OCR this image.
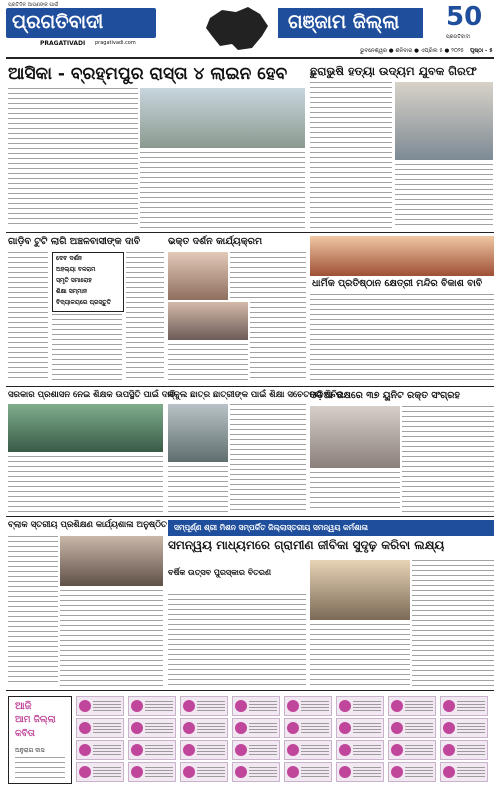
ପ୍ରତିଦିନ ଆପଣଙ୍କ ପାଇଁ
ପ୍ରଗତିବାଦୀ
PRAGATIVADI pragativadi.com
ଗଞ୍ଜାମ ଜିଲ୍ଲା 50
ପ୍ରଗତିବାଦୀ
ଭୁବନେଶ୍ୱର ● ଶନିବାର ● ଏପ୍ରିଲ ୫ ● ୨୦୨୫ ପୃଷ୍ଠା - ୫
ଆସିକା - ବ୍ରହ୍ମପୁର ରାସ୍ତା ୪ ଲାଇନ ହେବ	ଛୁରାଭୁଷି ହତ୍ୟା ଉଦ୍ୟମ ଯୁବକ ଗିରଫ
ଗାଡ଼ିବ ଟୁଟି ଲାଗି ଅଞ୍ଚଳବାସୀଙ୍କ ଦାବି
ଦେବ ଦର୍ଶନ
ଅହଲ୍ୟା ବଳରାମ
ସ୍ମୃତି ସମାରୋହ
ଶିକ୍ଷା ସମ୍ମାନ
ବିଦ୍ୟାଳୟରେ ପ୍ରସ୍ତୁତି
ଭକ୍ତ ଦର୍ଶନ କାର୍ଯ୍ୟକ୍ରମ
ଧାର୍ମିକ ପ୍ରତିଷ୍ଠାନ କ୍ଷେତ୍ରୀ ମନ୍ଦିର ବିକାଶ ବାବି
ସରକାର ପ୍ରଶାସନ ନେଇ ଶିକ୍ଷକ ଉପସ୍ଥିତି ପାଇଁ ଦାବି
ସ୍କୁଲ ଛାତ୍ର ଛାତ୍ରୀଙ୍କ ପାଇଁ ଶିକ୍ଷା ସଚେତନତା ଶିବିର
ଓଡ଼ିଆ ପକ୍ଷରେ ୩୭ ୟୁନିଟ ରକ୍ତ ସଂଗ୍ରହ
ବ୍ଲାକ ସ୍ତରୀୟ ପ୍ରଶିକ୍ଷଣ କାର୍ଯ୍ୟଶାଳା ଅନୁଷ୍ଠିତ
ବର୍ଷିକ ଉତ୍ସବ ପୁରସ୍କାର ବିତରଣ
ସମ୍ପୂର୍ଣ୍ଣ ଶ୍ରୀ ମିଶନ ସମ୍ପର୍କିତ ଜିଲ୍ଲାସ୍ତରୀୟ ସମନ୍ୱୟ କର୍ମଶାଳା
ସମନ୍ୱୟ ମାଧ୍ୟମରେ ଗ୍ରାମୀଣ ଜୀବିକା ସୁଦୃଢ଼ କରିବା ଲକ୍ଷ୍ୟ
ଆଜି
ଆମ ଜିଲ୍ଲା
କବିତା
ଅନୁରାଗ ଦାସ
